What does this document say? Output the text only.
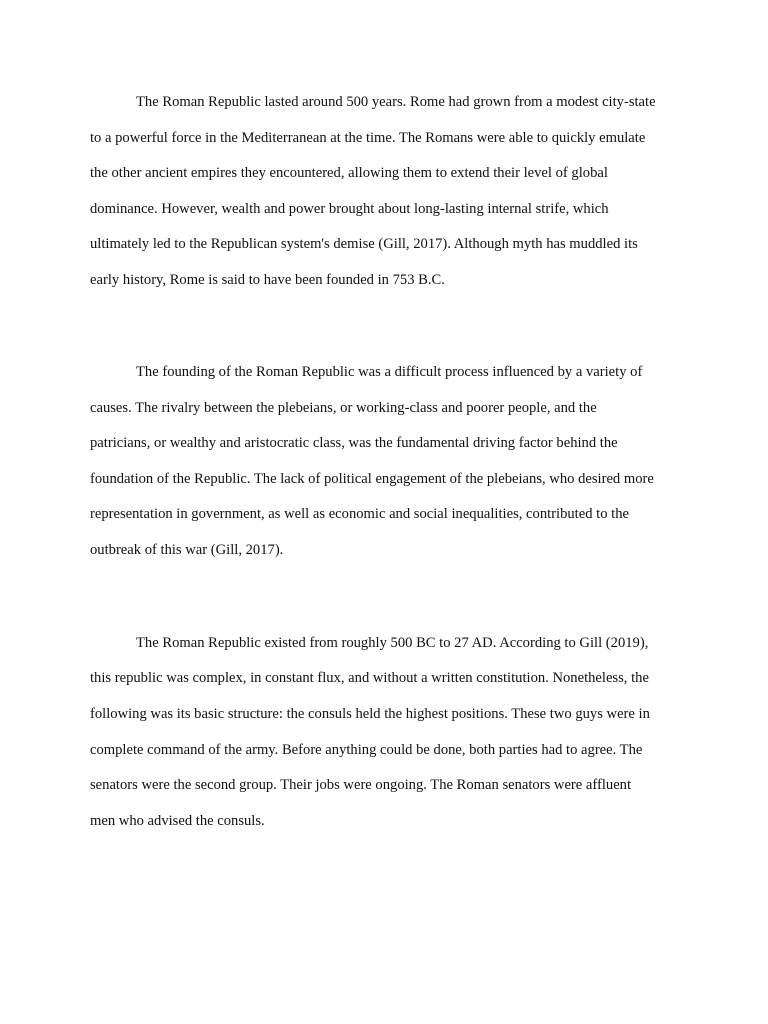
The Roman Republic lasted around 500 years. Rome had grown from a modest city-state
to a powerful force in the Mediterranean at the time. The Romans were able to quickly emulate
the other ancient empires they encountered, allowing them to extend their level of global
dominance. However, wealth and power brought about long-lasting internal strife, which
ultimately led to the Republican system's demise (Gill, 2017). Although myth has muddled its
early history, Rome is said to have been founded in 753 B.C.
The founding of the Roman Republic was a difficult process influenced by a variety of
causes. The rivalry between the plebeians, or working-class and poorer people, and the
patricians, or wealthy and aristocratic class, was the fundamental driving factor behind the
foundation of the Republic. The lack of political engagement of the plebeians, who desired more
representation in government, as well as economic and social inequalities, contributed to the
outbreak of this war (Gill, 2017).
The Roman Republic existed from roughly 500 BC to 27 AD. According to Gill (2019),
this republic was complex, in constant flux, and without a written constitution. Nonetheless, the
following was its basic structure: the consuls held the highest positions. These two guys were in
complete command of the army. Before anything could be done, both parties had to agree. The
senators were the second group. Their jobs were ongoing. The Roman senators were affluent
men who advised the consuls.
